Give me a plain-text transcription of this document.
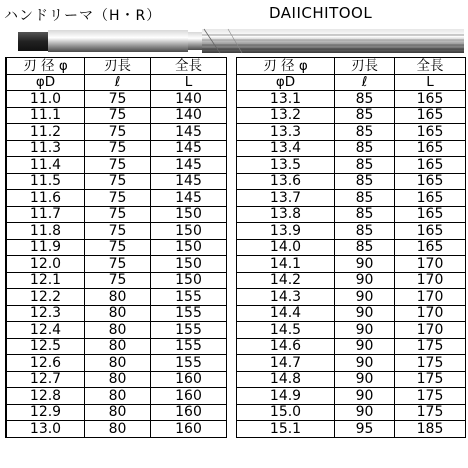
ハンドリーマ（H・R）	DAIICHITOOL
刃 径 φ	刃長	全長
φD	ℓ	L
11.0	75	140
11.1	75	140
11.2	75	145
11.3	75	145
11.4	75	145
11.5	75	145
11.6	75	145
11.7	75	150
11.8	75	150
11.9	75	150
12.0	75	150
12.1	75	150
12.2	80	155
12.3	80	155
12.4	80	155
12.5	80	155
12.6	80	155
12.7	80	160
12.8	80	160
12.9	80	160
13.0	80	160
刃 径 φ	刃長	全長
φD	ℓ	L
13.1	85	165
13.2	85	165
13.3	85	165
13.4	85	165
13.5	85	165
13.6	85	165
13.7	85	165
13.8	85	165
13.9	85	165
14.0	85	165
14.1	90	170
14.2	90	170
14.3	90	170
14.4	90	170
14.5	90	170
14.6	90	175
14.7	90	175
14.8	90	175
14.9	90	175
15.0	90	175
15.1	95	185
